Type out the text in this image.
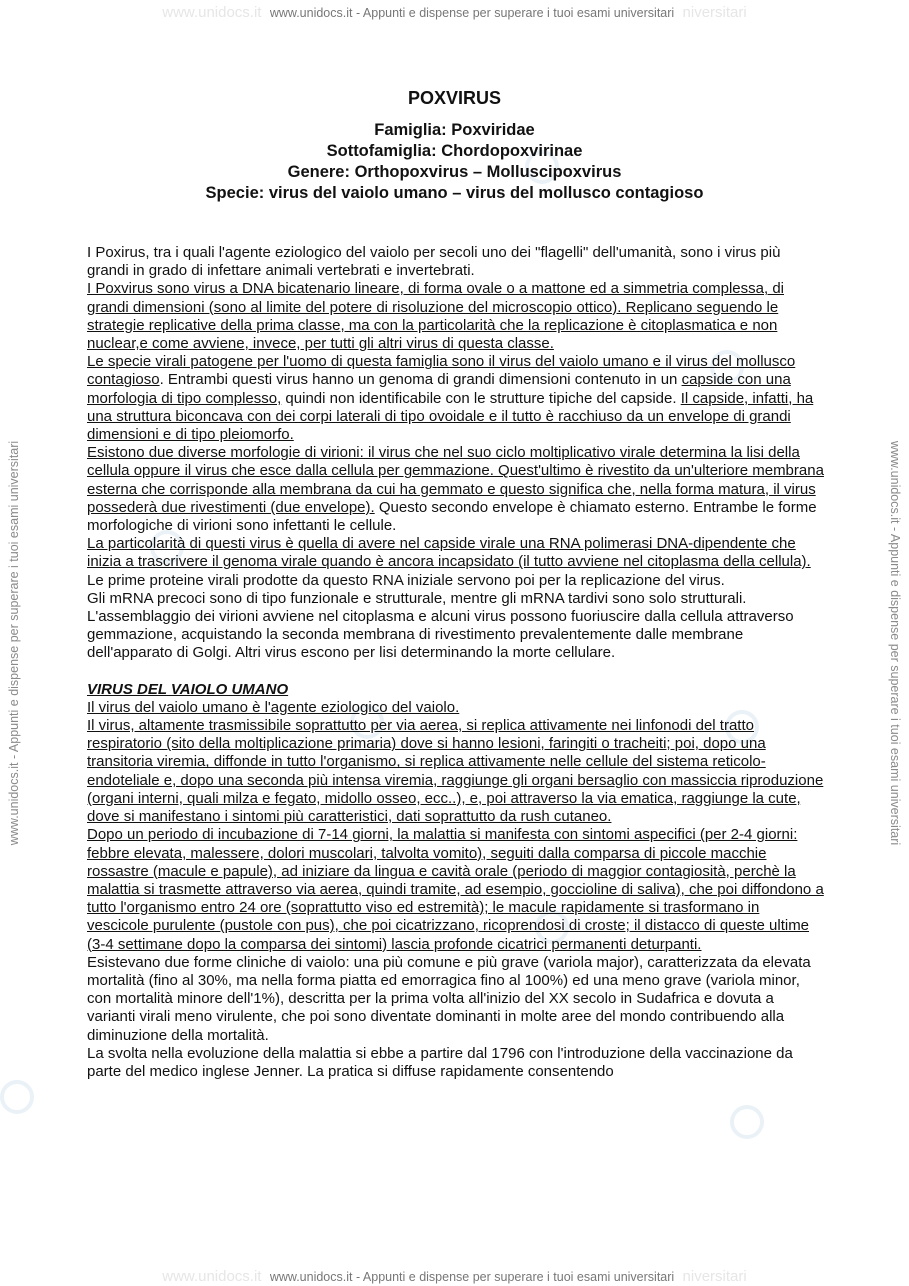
www.unidocs.it  www.unidocs.it - Appunti e dispense per superare i tuoi esami universitari  niversitari
www.unidocs.it - Appunti e dispense per superare i tuoi esami universitari	www.unidocs.it - Appunti e dispense per superare i tuoi esami universitari
POXVIRUS
Famiglia: Poxviridae
Sottofamiglia: Chordopoxvirinae
Genere: Orthopoxvirus – Molluscipoxvirus
Specie: virus del vaiolo umano – virus del mollusco contagioso

I Poxirus, tra i quali l'agente eziologico del vaiolo per secoli uno dei "flagelli" dell'umanità, sono i virus più grandi in grado di infettare animali vertebrati e invertebrati.

I Poxvirus sono virus a DNA bicatenario lineare, di forma ovale o a mattone ed a simmetria complessa, di grandi dimensioni (sono al limite del potere di risoluzione del microscopio ottico). Replicano seguendo le strategie replicative della prima classe, ma con la particolarità che la replicazione è citoplasmatica e non nuclear,e come avviene, invece, per tutti gli altri virus di questa classe.

Le specie virali patogene per l'uomo di questa famiglia sono il virus del vaiolo umano e il virus del mollusco contagioso. Entrambi questi virus hanno un genoma di grandi dimensioni contenuto in un capside con una morfologia di tipo complesso, quindi non identificabile con le strutture tipiche del capside. Il capside, infatti, ha una struttura biconcava con dei corpi laterali di tipo ovoidale e il tutto è racchiuso da un envelope di grandi dimensioni e di tipo pleiomorfo.

Esistono due diverse morfologie di virioni: il virus che nel suo ciclo moltiplicativo virale determina la lisi della cellula oppure il virus che esce dalla cellula per gemmazione. Quest'ultimo è rivestito da un'ulteriore membrana esterna che corrisponde alla membrana da cui ha gemmato e questo significa che, nella forma matura, il virus possederà due rivestimenti (due envelope). Questo secondo envelope è chiamato esterno. Entrambe le forme morfologiche di virioni sono infettanti le cellule.

La particolarità di questi virus è quella di avere nel capside virale una RNA polimerasi DNA-dipendente che inizia a trascrivere il genoma virale quando è ancora incapsidato (il tutto avviene nel citoplasma della cellula). Le prime proteine virali prodotte da questo RNA iniziale servono poi per la replicazione del virus.

Gli mRNA precoci sono di tipo funzionale e strutturale, mentre gli mRNA tardivi sono solo strutturali.

L'assemblaggio dei virioni avviene nel citoplasma e alcuni virus possono fuoriuscire dalla cellula attraverso gemmazione, acquistando la seconda membrana di rivestimento prevalentemente dalle membrane dell'apparato di Golgi. Altri virus escono per lisi determinando la morte cellulare.

VIRUS DEL VAIOLO UMANO

Il virus del vaiolo umano è l'agente eziologico del vaiolo.

Il virus, altamente trasmissibile soprattutto per via aerea, si replica attivamente nei linfonodi del tratto respiratorio (sito della moltiplicazione primaria) dove si hanno lesioni, faringiti o tracheiti; poi, dopo una transitoria viremia, diffonde in tutto l'organismo, si replica attivamente nelle cellule del sistema reticolo-endoteliale e, dopo una seconda più intensa viremia, raggiunge gli organi bersaglio con massiccia riproduzione (organi interni, quali milza e fegato, midollo osseo, ecc..), e, poi attraverso la via ematica, raggiunge la cute, dove si manifestano i sintomi più caratteristici, dati soprattutto da rush cutaneo.

Dopo un periodo di incubazione di 7-14 giorni, la malattia si manifesta con sintomi aspecifici (per 2-4 giorni: febbre elevata, malessere, dolori muscolari, talvolta vomito), seguiti dalla comparsa di piccole macchie rossastre (macule e papule), ad iniziare da lingua e cavità orale (periodo di maggior contagiosità, perchè la malattia si trasmette attraverso via aerea, quindi tramite, ad esempio, goccioline di saliva), che poi diffondono a tutto l'organismo entro 24 ore (soprattutto viso ed estremità); le macule rapidamente si trasformano in vescicole purulente (pustole con pus), che poi cicatrizzano, ricoprendosi di croste; il distacco di queste ultime (3-4 settimane dopo la comparsa dei sintomi) lascia profonde cicatrici permanenti deturpanti.

Esistevano due forme cliniche di vaiolo: una più comune e più grave (variola major), caratterizzata da elevata mortalità (fino al 30%, ma nella forma piatta ed emorragica fino al 100%) ed una meno grave (variola minor, con mortalità minore dell'1%), descritta per la prima volta all'inizio del XX secolo in Sudafrica e dovuta a varianti virali meno virulente, che poi sono diventate dominanti in molte aree del mondo contribuendo alla diminuzione della mortalità.

La svolta nella evoluzione della malattia si ebbe a partire dal 1796 con l'introduzione della vaccinazione da parte del medico inglese Jenner. La pratica si diffuse rapidamente consentendo

www.unidocs.it  www.unidocs.it - Appunti e dispense per superare i tuoi esami universitari  niversitari
